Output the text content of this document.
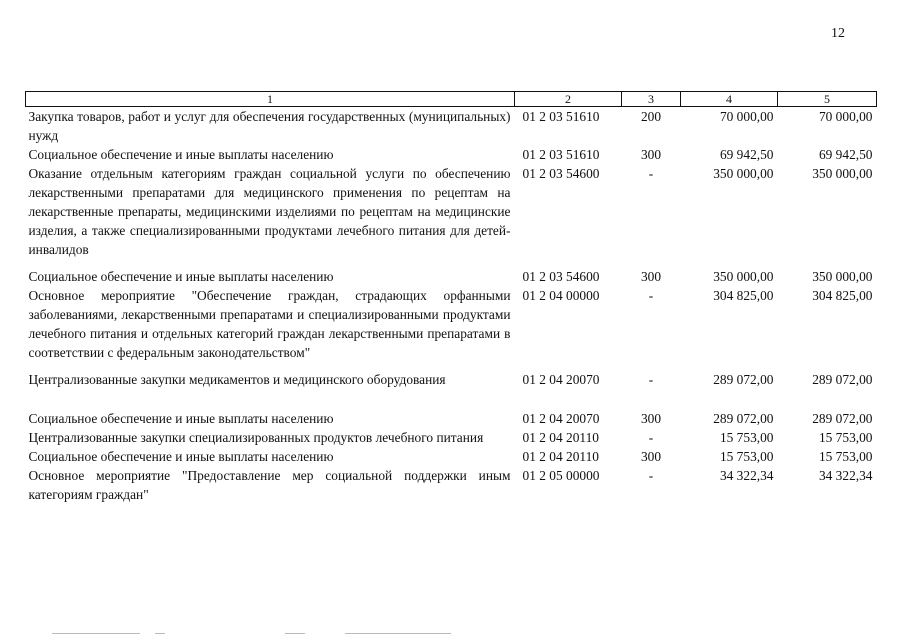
12
1	2	3	4	5
Закупка товаров, работ и услуг для обеспечения государственных (муниципальных) нужд	01 2 03 51610	200	70 000,00	70 000,00
Социальное обеспечение и иные выплаты населению	01 2 03 51610	300	69 942,50	69 942,50
Оказание отдельным категориям граждан социальной услуги по обеспечению лекарственными препаратами для медицинского применения по рецептам на лекарственные препараты, медицинскими изделиями по рецептам на медицинские изделия, а также специализированными продуктами лечебного питания для детей-инвалидов	01 2 03 54600	-	350 000,00	350 000,00
Социальное обеспечение и иные выплаты населению	01 2 03 54600	300	350 000,00	350 000,00
Основное мероприятие "Обеспечение граждан, страдающих орфанными заболеваниями, лекарственными препаратами и специализированными продуктами лечебного питания и отдельных категорий граждан лекарственными препаратами в соответствии с федеральным законодательством"	01 2 04 00000	-	304 825,00	304 825,00
Централизованные закупки медикаментов и медицинского оборудования	01 2 04 20070	-	289 072,00	289 072,00
Социальное обеспечение и иные выплаты населению	01 2 04 20070	300	289 072,00	289 072,00
Централизованные закупки специализированных продуктов лечебного питания	01 2 04 20110	-	15 753,00	15 753,00
Социальное обеспечение и иные выплаты населению	01 2 04 20110	300	15 753,00	15 753,00
Основное мероприятие "Предоставление мер социальной поддержки иным категориям граждан"	01 2 05 00000	-	34 322,34	34 322,34
